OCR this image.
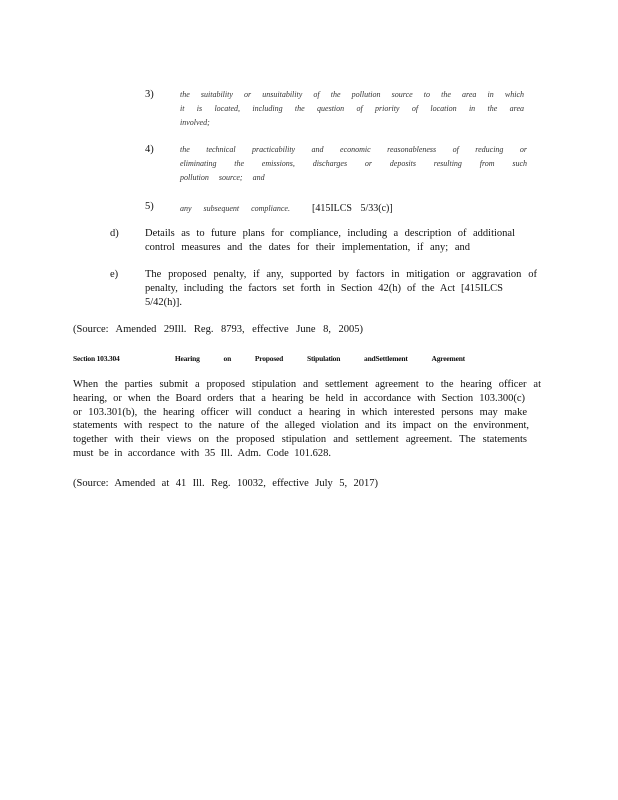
3)	the suitability or unsuitability of the pollution source to the area in which
it is located, including the question of priority of location in the area
involved;
4)	the technical practicability and economic reasonableness of reducing or
eliminating the emissions, discharges or deposits resulting from such
pollution source; and
5)	any subsequent compliance. [415ILCS 5/33(c)]
d)	Details as to future plans for compliance, including a description of additional
control measures and the dates for their implementation, if any; and
e)	The proposed penalty, if any, supported by factors in mitigation or aggravation of
penalty, including the factors set forth in Section 42(h) of the Act [415ILCS
5/42(h)].
(Source: Amended 29Ill. Reg. 8793, effective June 8, 2005)
Section 103.304	Hearing	on	Proposed	Stipulation	andSettlement	Agreement
When the parties submit a proposed stipulation and settlement agreement to the hearing officer at
hearing, or when the Board orders that a hearing be held in accordance with Section 103.300(c)
or 103.301(b), the hearing officer will conduct a hearing in which interested persons may make
statements with respect to the nature of the alleged violation and its impact on the environment,
together with their views on the proposed stipulation and settlement agreement. The statements
must be in accordance with 35 Ill. Adm. Code 101.628.
(Source: Amended at 41 Ill. Reg. 10032, effective July 5, 2017)
